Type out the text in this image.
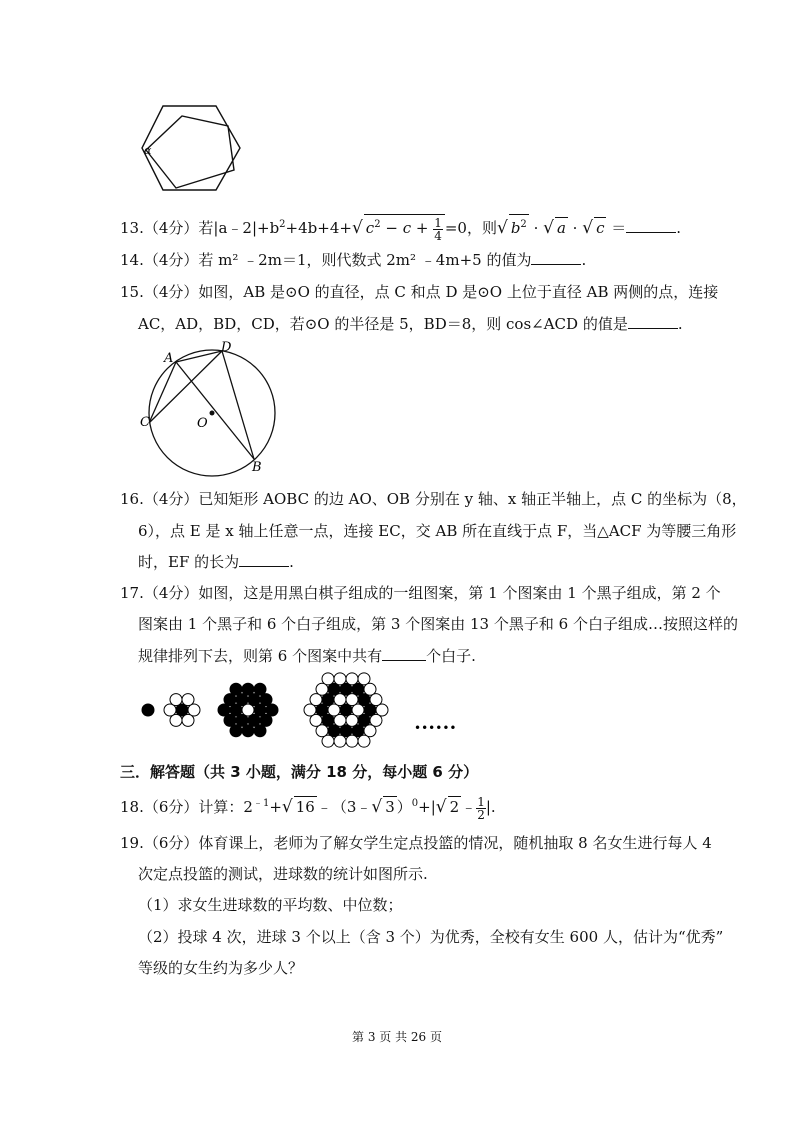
α
13.（4分）若$|a﹣2|+b^2+4b+4+√$ $c^2 - c + \frac{1}{4} =0$，则√ $b^2$ · √ a · √ c ＝	.
14.（4分）若 m² ﹣2m＝1，则代数式 2m² ﹣4m+5 的值为	.
15.（4分）如图，AB 是⊙O 的直径，点 C 和点 D 是⊙O 上位于直径 AB 两侧的点，连接
AC，AD，BD，CD，若⊙O 的半径是 5，BD＝8，则 cos∠ACD 的值是	.
A
D
C	O
B
16.（4分）已知矩形 AOBC 的边 AO、OB 分别在 y 轴、x 轴正半轴上，点 C 的坐标为（8，
6），点 E 是 x 轴上任意一点，连接 EC，交 AB 所在直线于点 F，当△ACF 为等腰三角形
时，EF 的长为	.
17.（4分）如图，这是用黑白棋子组成的一组图案，第 1 个图案由 1 个黑子组成，第 2 个
图案由 1 个黑子和 6 个白子组成，第 3 个图案由 13 个黑子和 6 个白子组成…按照这样的
规律排列下去，则第 6 个图案中共有	个白子.
••••••
三．解答题（共 3 小题，满分 18 分，每小题 6 分）
18.（6分）计算：$2^{﹣1}+√$ 16 ﹣（3﹣√ 3 ）$^0$+|√ 2 ﹣ $\frac{1}{2}$ |.
19.（6分）体育课上，老师为了解女学生定点投篮的情况，随机抽取 8 名女生进行每人 4
次定点投篮的测试，进球数的统计如图所示.
（1）求女生进球数的平均数、中位数；
（2）投球 4 次，进球 3 个以上（含 3 个）为优秀，全校有女生 600 人，估计为“优秀”
等级的女生约为多少人？
第 3 页 共 26 页
